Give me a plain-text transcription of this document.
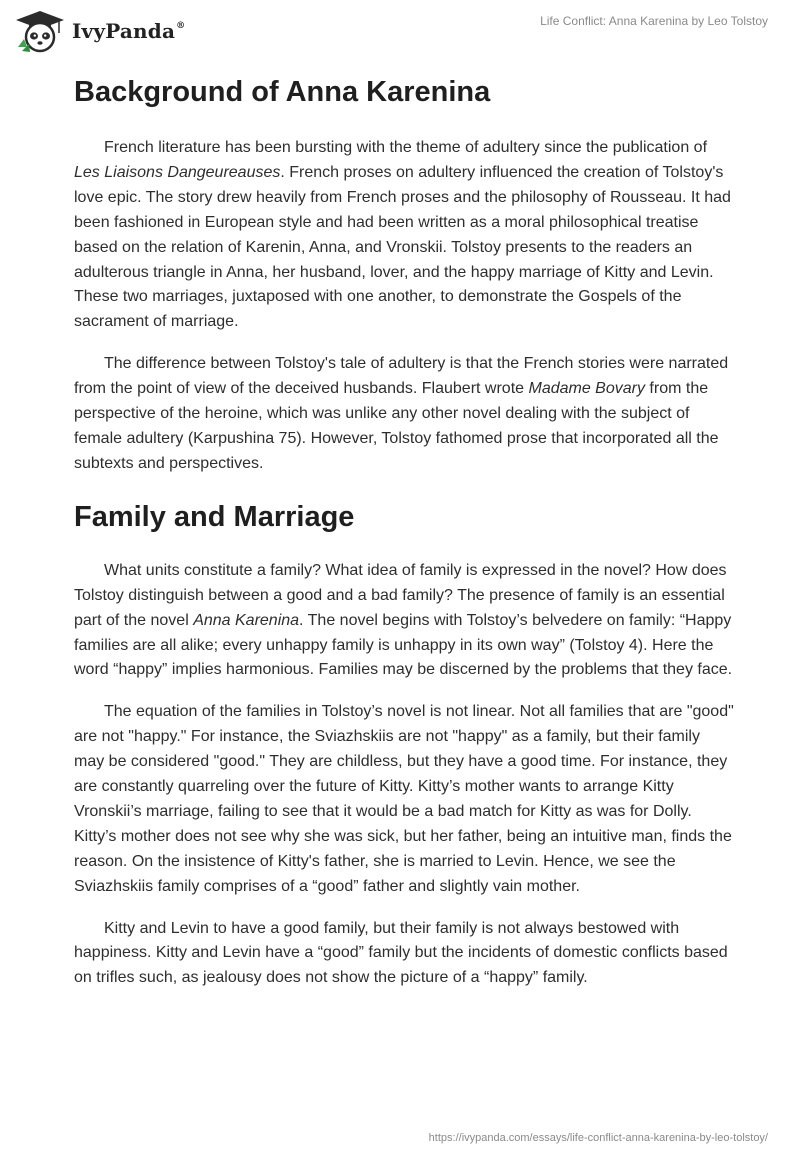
IvyPanda®	Life Conflict: Anna Karenina by Leo Tolstoy
Background of Anna Karenina

French literature has been bursting with the theme of adultery since the publication of Les Liaisons Dangeureauses. French proses on adultery influenced the creation of Tolstoy's love epic. The story drew heavily from French proses and the philosophy of Rousseau. It had been fashioned in European style and had been written as a moral philosophical treatise based on the relation of Karenin, Anna, and Vronskii. Tolstoy presents to the readers an adulterous triangle in Anna, her husband, lover, and the happy marriage of Kitty and Levin. These two marriages, juxtaposed with one another, to demonstrate the Gospels of the sacrament of marriage.

The difference between Tolstoy's tale of adultery is that the French stories were narrated from the point of view of the deceived husbands. Flaubert wrote Madame Bovary from the perspective of the heroine, which was unlike any other novel dealing with the subject of female adultery (Karpushina 75). However, Tolstoy fathomed prose that incorporated all the subtexts and perspectives.

Family and Marriage

What units constitute a family? What idea of family is expressed in the novel? How does Tolstoy distinguish between a good and a bad family? The presence of family is an essential part of the novel Anna Karenina. The novel begins with Tolstoy’s belvedere on family: “Happy families are all alike; every unhappy family is unhappy in its own way” (Tolstoy 4). Here the word “happy” implies harmonious. Families may be discerned by the problems that they face.

The equation of the families in Tolstoy’s novel is not linear. Not all families that are "good" are not "happy." For instance, the Sviazhskiis are not "happy" as a family, but their family may be considered "good." They are childless, but they have a good time. For instance, they are constantly quarreling over the future of Kitty. Kitty’s mother wants to arrange Kitty Vronskii’s marriage, failing to see that it would be a bad match for Kitty as was for Dolly. Kitty’s mother does not see why she was sick, but her father, being an intuitive man, finds the reason. On the insistence of Kitty's father, she is married to Levin. Hence, we see the Sviazhskiis family comprises of a “good” father and slightly vain mother.

Kitty and Levin to have a good family, but their family is not always bestowed with happiness. Kitty and Levin have a “good” family but the incidents of domestic conflicts based on trifles such, as jealousy does not show the picture of a “happy” family.

https://ivypanda.com/essays/life-conflict-anna-karenina-by-leo-tolstoy/
